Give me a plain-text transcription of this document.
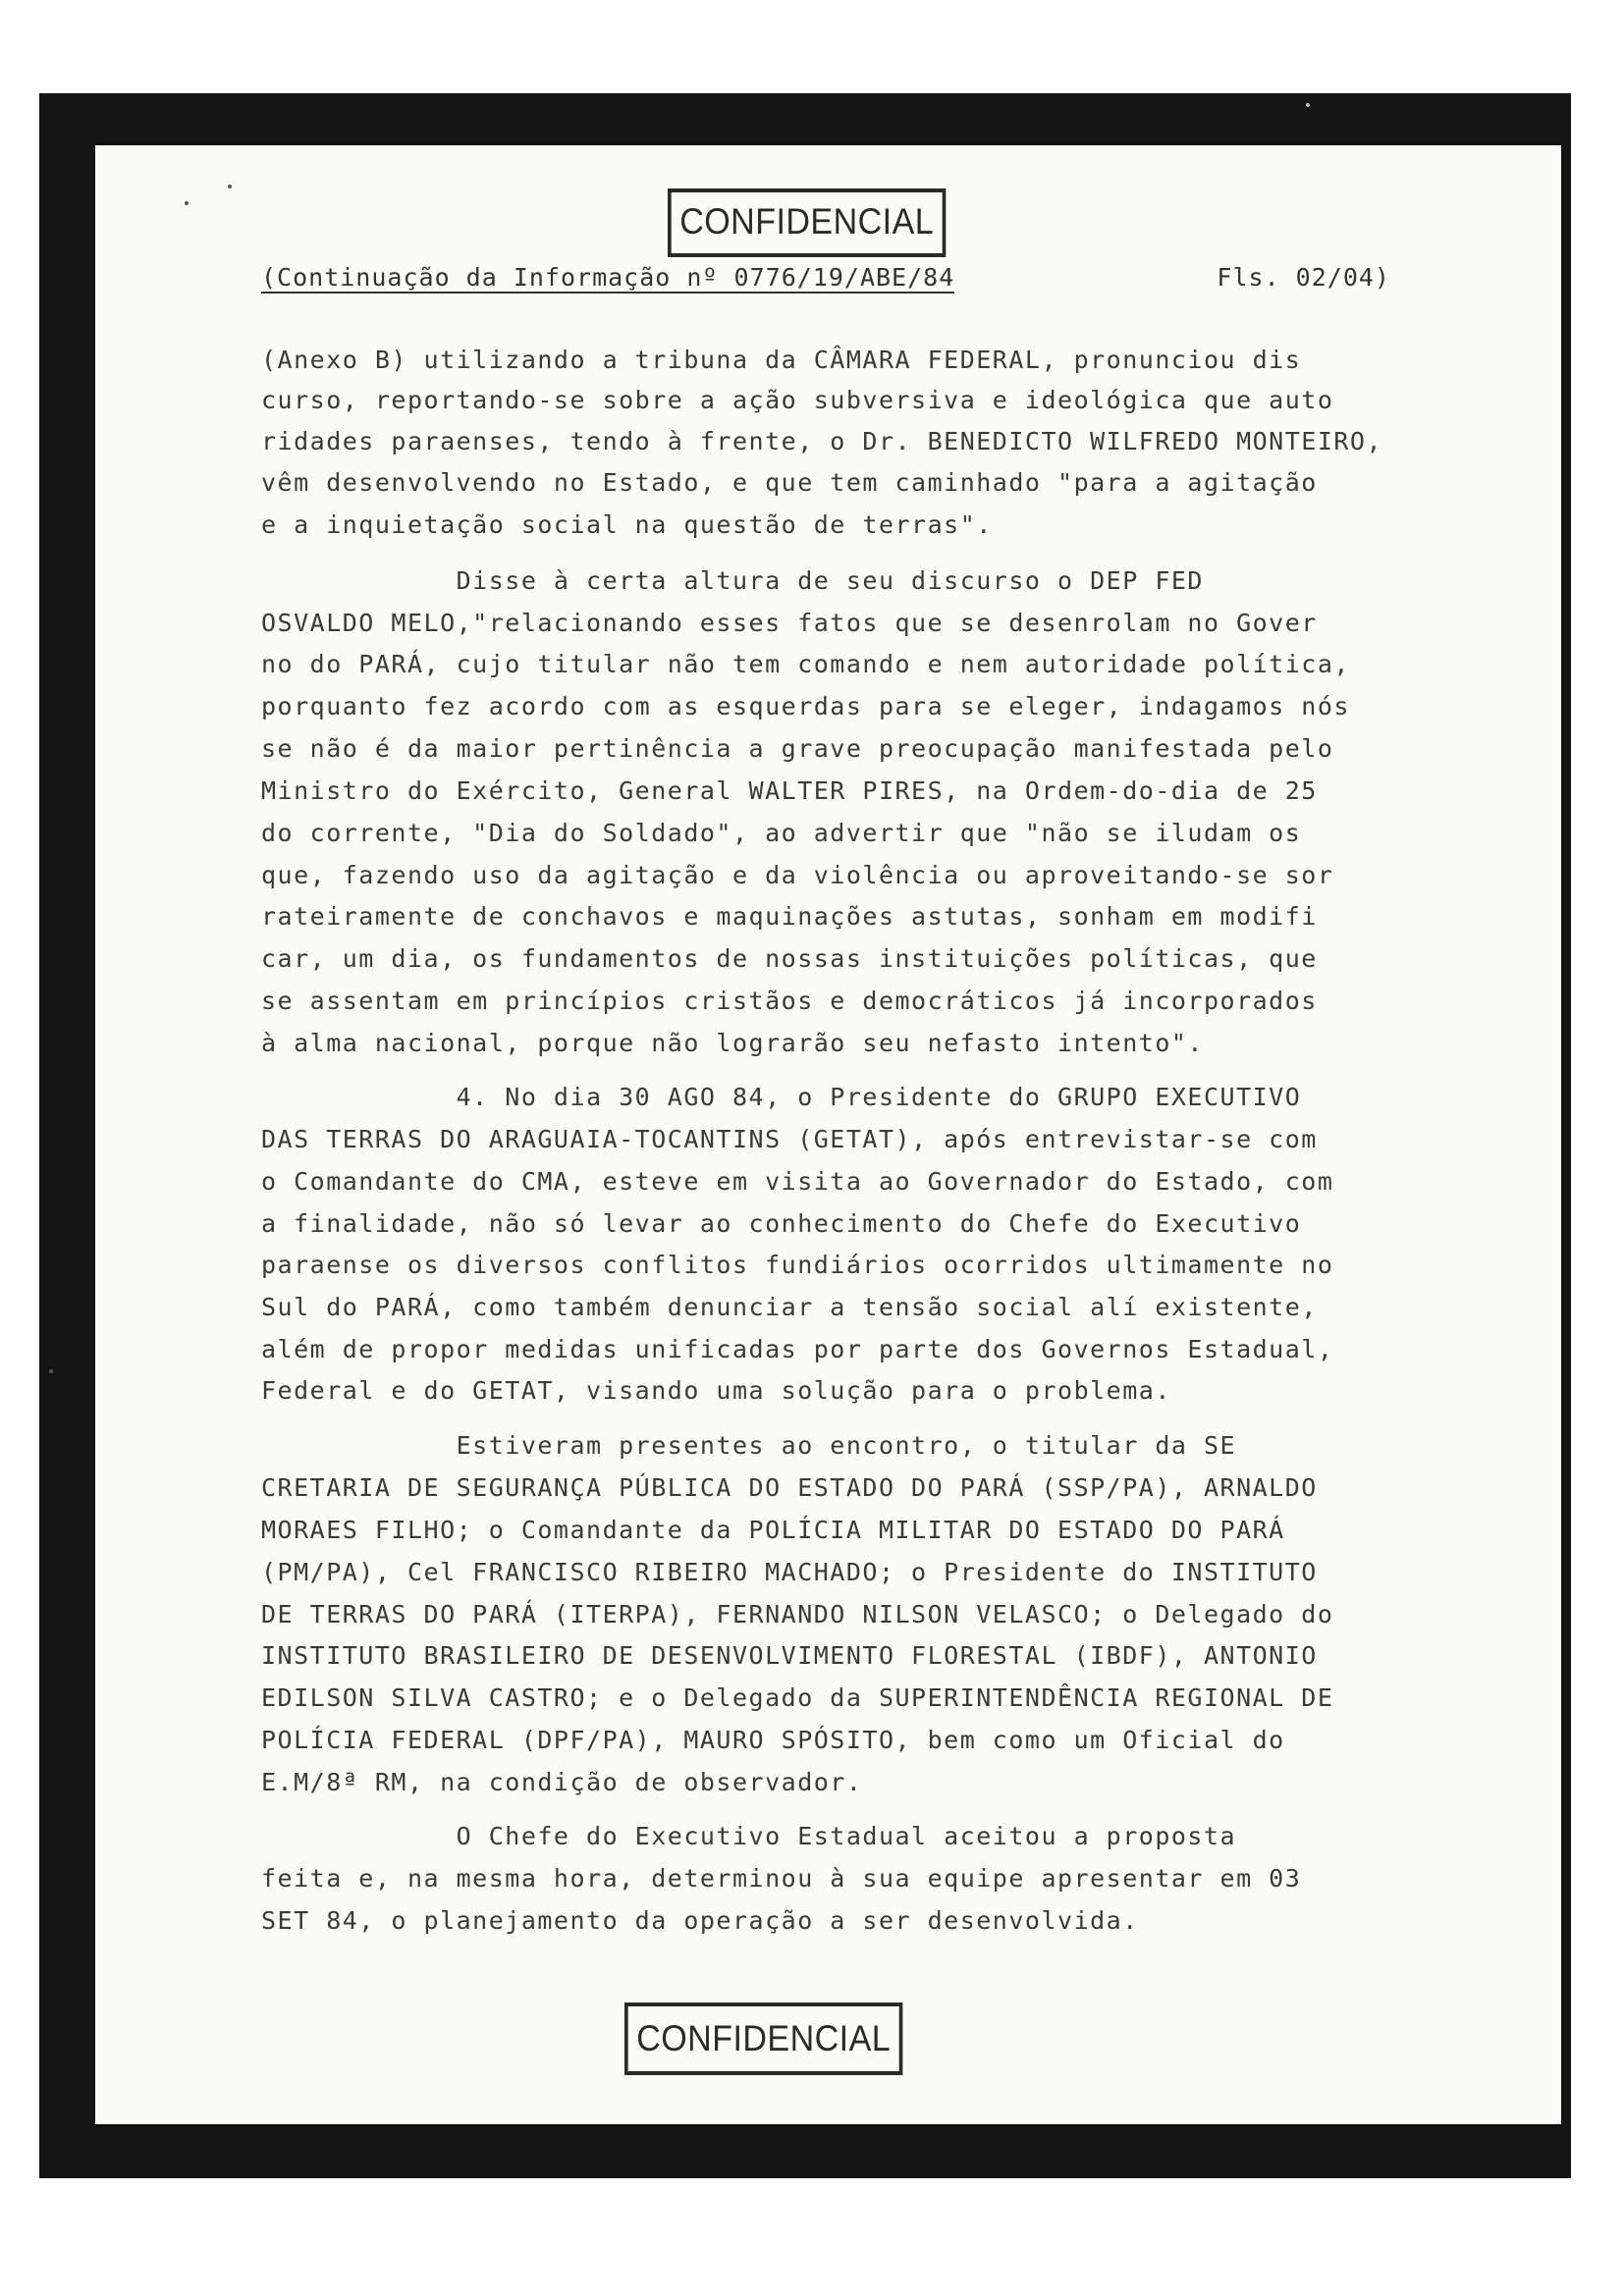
CONFIDENCIAL
(Continuação da Informação nº 0776/19/ABE/84	Fls. 02/04)
(Anexo B) utilizando a tribuna da CÂMARA FEDERAL, pronunciou dis
curso, reportando-se sobre a ação subversiva e ideológica que auto
ridades paraenses, tendo à frente, o Dr. BENEDICTO WILFREDO MONTEIRO,
vêm desenvolvendo no Estado, e que tem caminhado "para a agitação
e a inquietação social na questão de terras".
Disse à certa altura de seu discurso o DEP FED
OSVALDO MELO,"relacionando esses fatos que se desenrolam no Gover
no do PARÁ, cujo titular não tem comando e nem autoridade política,
porquanto fez acordo com as esquerdas para se eleger, indagamos nós
se não é da maior pertinência a grave preocupação manifestada pelo
Ministro do Exército, General WALTER PIRES, na Ordem-do-dia de 25
do corrente, "Dia do Soldado", ao advertir que "não se iludam os
que, fazendo uso da agitação e da violência ou aproveitando-se sor
rateiramente de conchavos e maquinações astutas, sonham em modifi
car, um dia, os fundamentos de nossas instituições políticas, que
se assentam em princípios cristãos e democráticos já incorporados
à alma nacional, porque não lograrão seu nefasto intento".
4. No dia 30 AGO 84, o Presidente do GRUPO EXECUTIVO
DAS TERRAS DO ARAGUAIA-TOCANTINS (GETAT), após entrevistar-se com
o Comandante do CMA, esteve em visita ao Governador do Estado, com
a finalidade, não só levar ao conhecimento do Chefe do Executivo
paraense os diversos conflitos fundiários ocorridos ultimamente no
Sul do PARÁ, como também denunciar a tensão social alí existente,
além de propor medidas unificadas por parte dos Governos Estadual,
Federal e do GETAT, visando uma solução para o problema.
Estiveram presentes ao encontro, o titular da SE
CRETARIA DE SEGURANÇA PÚBLICA DO ESTADO DO PARÁ (SSP/PA), ARNALDO
MORAES FILHO; o Comandante da POLÍCIA MILITAR DO ESTADO DO PARÁ
(PM/PA), Cel FRANCISCO RIBEIRO MACHADO; o Presidente do INSTITUTO
DE TERRAS DO PARÁ (ITERPA), FERNANDO NILSON VELASCO; o Delegado do
INSTITUTO BRASILEIRO DE DESENVOLVIMENTO FLORESTAL (IBDF), ANTONIO
EDILSON SILVA CASTRO; e o Delegado da SUPERINTENDÊNCIA REGIONAL DE
POLÍCIA FEDERAL (DPF/PA), MAURO SPÓSITO, bem como um Oficial do
E.M/8ª RM, na condição de observador.
O Chefe do Executivo Estadual aceitou a proposta
feita e, na mesma hora, determinou à sua equipe apresentar em 03
SET 84, o planejamento da operação a ser desenvolvida.
CONFIDENCIAL
